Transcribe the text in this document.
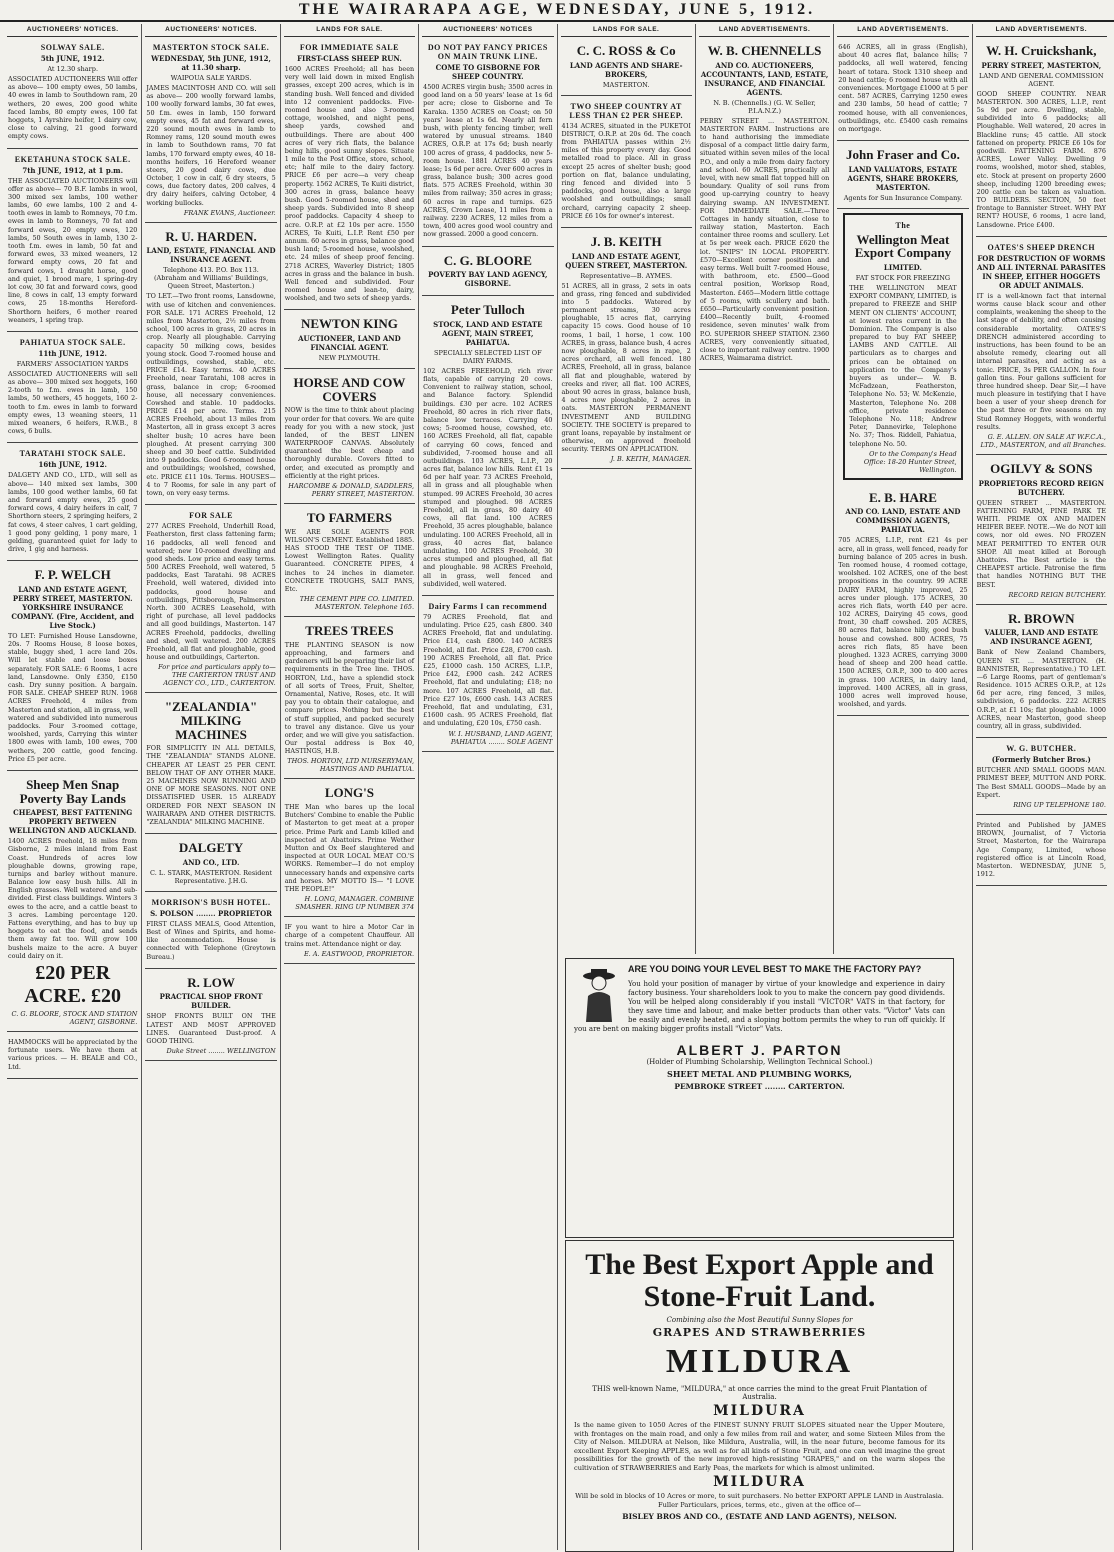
THE WAIRARAPA AGE, WEDNESDAY, JUNE 5, 1912.
AUCTIONEERS' NOTICES.
SOLWAY SALE.
5th JUNE, 1912.
At 12.30 sharp.

ASSOCIATED AUCTIONEERS Will offer as above— 100 empty ewes, 50 lambs, 40 ewes in lamb to Southdown ram, 20 wethers, 20 ewes, 200 good white faced lambs, 80 empty ewes, 100 fat hoggets, 1 Ayrshire heifer, 1 dairy cow, close to calving, 21 good forward empty cows.

EKETAHUNA STOCK SALE.
7th JUNE, 1912, at 1 p.m.

THE ASSOCIATED AUCTIONEERS will offer as above— 70 B.F. lambs in wool, 300 mixed sex lambs, 100 wether lambs, 60 ewe lambs, 100 2 and 4-tooth ewes in lamb to Romneys, 70 f.m. ewes in lamb to Romneys, 70 fat and forward ewes, 20 empty ewes, 120 lambs, 50 South ewes in lamb, 130 2-tooth f.m. ewes in lamb, 50 fat and forward ewes, 33 mixed weaners, 12 forward empty cows, 20 fat and forward cows, 1 draught horse, good and quiet, 1 brood mare, 1 spring-dry lot cow, 30 fat and forward cows, good line, 8 cows in calf, 13 empty forward cows, 25 18-months Hereford-Shorthorn heifers, 6 mother reared weaners, 1 spring trap.

PAHIATUA STOCK SALE.
11th JUNE, 1912.
FARMERS' ASSOCIATION YARDS

ASSOCIATED AUCTIONEERS will sell as above— 300 mixed sex hoggets, 160 2-tooth to f.m. ewes in lamb, 150 lambs, 50 wethers, 45 hoggets, 160 2-tooth to f.m. ewes in lamb to forward empty ewes, 13 weaning steers, 11 mixed weaners, 6 heifers, R.W.B., 8 cows, 6 bulls.

TARATAHI STOCK SALE.
16th JUNE, 1912.

DALGETY AND CO., LTD., will sell as above— 140 mixed sex lambs, 300 lambs, 100 good wether lambs, 60 fat and forward empty ewes, 25 good forward cows, 4 dairy heifers in calf, 7 Shorthorn steers, 2 springing heifers, 2 fat cows, 4 steer calves, 1 cart gelding, 1 good pony gelding, 1 pony mare, 1 gelding, guaranteed quiet for lady to drive, 1 gig and harness.

F. P. WELCH
LAND AND ESTATE AGENT, PERRY STREET, MASTERTON. YORKSHIRE INSURANCE COMPANY. (Fire, Accident, and Live Stock.)

TO LET: Furnished House Lansdowne, 20s. 7 Rooms House, 8 loose boxes, stable, buggy shed, 1 acre land 20s. Will let stable and loose boxes separately. FOR SALE: 6 Rooms, 1 acre land, Lansdowne. Only £350, £150 cash. Dry sunny position. A bargain. FOR SALE. CHEAP SHEEP RUN. 1968 ACRES Freehold, 4 miles from Masterton and station, all in grass, well watered and subdivided into numerous paddocks. Four 3-roomed cottage, woolshed, yards, Carrying this winter 1800 ewes with lamb, 100 ewes, 700 wethers, 200 cattle, good fencing. Price £5 per acre.

Sheep Men Snap Poverty Bay Lands
CHEAPEST, BEST FATTENING PROPERTY BETWEEN WELLINGTON AND AUCKLAND.

1400 ACRES freehold, 18 miles from Gisborne, 2 miles inland from East Coast. Hundreds of acres low ploughable downs, growing rape, turnips and barley without manure. Balance low easy bush hills. All in English grasses. Well watered and sub-divided. First class buildings. Winters 3 ewes to the acre, and a cattle beast to 3 acres. Lambing percentage 120. Fattens everything, and has to buy up hoggets to eat the food, and sends them away fat too. Will grow 100 bushels maize to the acre. A buyer could dairy on it.

£20 PER ACRE. £20
C. G. BLOORE, STOCK AND STATION AGENT, GISBORNE.

HAMMOCKS will be appreciated by the fortunate users. We have them at various prices. — H. BEALE and CO., Ltd.

AUCTIONEERS' NOTICES.
MASTERTON STOCK SALE.
WEDNESDAY, 5th JUNE, 1912, at 11.30 sharp.
WAIPOUA SALE YARDS.

JAMES MACINTOSH AND CO. will sell as above— 200 woolly forward lambs, 100 woolly forward lambs, 30 fat ewes, 50 f.m. ewes in lamb, 150 forward empty ewes, 45 fat and forward ewes, 220 sound mouth ewes in lamb to Romney rams, 120 sound mouth ewes in lamb to Southdown rams, 70 fat lambs, 170 forward empty ewes, 40 18-months heifers, 16 Hereford weaner steers, 20 good dairy cows, due October, 1 cow in calf, 6 dry steers, 5 cows, due factory dates, 200 calves, 4 dry dairy heifers, calving October, 4 working bullocks.

FRANK EVANS, Auctioneer.
R. U. HARDEN.
LAND, ESTATE, FINANCIAL AND INSURANCE AGENT.
Telephone 413. P.O. Box 113. (Abraham and Williams' Buildings, Queen Street, Masterton.)

TO LET.—Two front rooms, Lansdowne, with use of kitchen and conveniences. FOR SALE. 171 ACRES Freehold, 12 miles from Masterton, 2½ miles from school, 100 acres in grass, 20 acres in crop. Nearly all ploughable. Carrying capacity 50 milking cows, besides young stock. Good 7-roomed house and outbuildings, cowshed, stable, etc. PRICE £14. Easy terms. 40 ACRES Freehold, near Taratahi, 108 acres in grass, balance in crop; 6-roomed house, all necessary conveniences. Cowshed and stable. 10 paddocks. PRICE £14 per acre. Terms. 215 ACRES Freehold, about 13 miles from Masterton, all in grass except 3 acres shelter bush; 10 acres have been ploughed. At present carrying 300 sheep and 30 beef cattle. Subdivided into 9 paddocks. Good 6-roomed house and outbuildings; woolshed, cowshed, etc. PRICE £11 10s. Terms. HOUSES—4 to 7 Rooms, for sale in any part of town, on very easy terms.

FOR SALE

277 ACRES Freehold, Underhill Road, Featherston, first class fattening farm; 16 paddocks, all well fenced and watered; new 10-roomed dwelling and good sheds. Low price and easy terms. 500 ACRES Freehold, well watered, 5 paddocks, East Taratahi. 98 ACRES Freehold, well watered, divided into paddocks, good house and outbuildings, Pittsborough, Palmerston North. 300 ACRES Leasehold, with right of purchase, all level paddocks and all good buildings, Masterton. 147 ACRES Freehold, paddocks, dwelling and shed, well watered. 200 ACRES Freehold, all flat and ploughable, good house and outbuildings, Carterton.

For price and particulars apply to— THE CARTERTON TRUST AND AGENCY CO., LTD., CARTERTON.
"ZEALANDIA" MILKING MACHINES

FOR SIMPLICITY IN ALL DETAILS, THE "ZEALANDIA" STANDS ALONE. CHEAPER AT LEAST 25 PER CENT. BELOW THAT OF ANY OTHER MAKE. 25 MACHINES NOW RUNNING AND ONE OF MORE SEASONS. NOT ONE DISSATISFIED USER. 15 ALREADY ORDERED FOR NEXT SEASON IN WAIRARAPA AND OTHER DISTRICTS. "ZEALANDIA" MILKING MACHINE.

DALGETY
AND CO., LTD.
C. L. STARK, MASTERTON. Resident Representative. J.H.G.
MORRISON'S BUSH HOTEL.
S. POLSON ........ PROPRIETOR

FIRST CLASS MEALS, Good Attention, Best of Wines and Spirits, and home-like accommodation. House is connected with Telephone (Greytown Bureau.)

R. LOW
PRACTICAL SHOP FRONT BUILDER.

SHOP FRONTS BUILT ON THE LATEST AND MOST APPROVED LINES. Guaranteed Dust-proof. A GOOD THING.

Duke Street ........ WELLINGTON
LANDS FOR SALE.
FOR IMMEDIATE SALE
FIRST-CLASS SHEEP RUN.

1600 ACRES Freehold; all has been very well laid down in mixed English grasses, except 200 acres, which is in standing bush. Well fenced and divided into 12 convenient paddocks. Five-roomed house and also 3-roomed cottage, woolshed, and night pens, sheep yards, cowshed and outbuildings. There are about 400 acres of very rich flats, the balance being hills, good sunny slopes. Situate 1 mile to the Post Office, store, school, etc; half mile to the dairy factory. PRICE £6 per acre—a very cheap property. 1562 ACRES, Te Kuiti district, 300 acres in grass, balance heavy bush. Good 5-roomed house, shed and sheep yards. Subdivided into 8 sheep proof paddocks. Capacity 4 sheep to acre. O.R.P. at £2 10s per acre. 1550 ACRES, Te Kuiti, L.I.P. Rent £50 per annum. 60 acres in grass, balance good bush land; 5-roomed house, woolshed, etc. 24 miles of sheep proof fencing. 2718 ACRES, Waverley District; 1805 acres in grass and the balance in bush. Well fenced and subdivided. Four roomed house and lean-to, dairy, woolshed, and two sets of sheep yards.

NEWTON KING
AUCTIONEER, LAND AND FINANCIAL AGENT.
NEW PLYMOUTH.
HORSE AND COW COVERS

NOW is the time to think about placing your order for that covers. We are quite ready for you with a new stock, just landed, of the BEST LINEN WATERPROOF CANVAS. Absolutely guaranteed the best cheap and thoroughly durable. Covers fitted to order, and executed as promptly and efficiently at the right prices.

HARCOMBE & DONALD, SADDLERS, PERRY STREET, MASTERTON.
TO FARMERS

WE ARE SOLE AGENTS FOR WILSON'S CEMENT. Established 1885. HAS STOOD THE TEST OF TIME. Lowest Wellington Rates. Quality Guaranteed. CONCRETE PIPES, 4 inches to 24 inches in diameter. CONCRETE TROUGHS, SALT PANS, Etc.

THE CEMENT PIPE CO. LIMITED. MASTERTON. Telephone 165.
TREES TREES

THE PLANTING SEASON is now approaching, and farmers and gardeners will be preparing their list of requirements in the Tree line. THOS. HORTON, Ltd., have a splendid stock of all sorts of Trees, Fruit, Shelter, Ornamental, Native, Roses, etc. It will pay you to obtain their catalogue, and compare prices. Nothing but the best of stuff supplied, and packed securely to travel any distance. Give us your order, and we will give you satisfaction. Our postal address is Box 40, HASTINGS, H.B.

THOS. HORTON, LTD NURSERYMAN, HASTINGS AND PAHIATUA.
LONG'S

THE Man who bares up the local Butchers' Combine to enable the Public of Masterton to get meat at a proper price. Prime Park and Lamb killed and inspected at Abattoirs. Prime Wether Mutton and Ox Beef slaughtered and inspected at OUR LOCAL MEAT CO.'S WORKS. Remember—I do not employ unnecessary hands and expensive carts and horses. MY MOTTO IS— "I LOVE THE PEOPLE!"

H. LONG, MANAGER. COMBINE SMASHER. RING UP NUMBER 374

IF you want to hire a Motor Car in charge of a competent Chauffeur. All trains met. Attendance night or day.

E. A. EASTWOOD, PROPRIETOR.
AUCTIONEERS' NOTICES
DO NOT PAY FANCY PRICES ON MAIN TRUNK LINE.
COME TO GISBORNE FOR SHEEP COUNTRY.

4500 ACRES virgin bush; 3500 acres in good land on a 50 years' lease at 1s 6d per acre; close to Gisborne and Te Karaka. 1350 ACRES on Coast; on 50 years' lease at 1s 6d. Nearly all fern bush, with plenty fencing timber, well watered by unusual streams. 1840 ACRES, O.R.P. at 17s 6d; bush nearly 100 acres of grass, 4 paddocks, new 5-room house. 1881 ACRES 40 years lease; 1s 6d per acre. Over 600 acres in grass, balance bush; 300 acres good flats. 575 ACRES Freehold, within 30 miles from railway; 350 acres in grass; 60 acres in rape and turnips. 625 ACRES, Crown Lease, 11 miles from a railway. 2230 ACRES, 12 miles from a town, 400 acres good wool country and now grassed. 2000 a good concern.

C. G. BLOORE
POVERTY BAY LAND AGENCY, GISBORNE.
Peter Tulloch
STOCK, LAND AND ESTATE AGENT, MAIN STREET, PAHIATUA.
SPECIALLY SELECTED LIST OF DAIRY FARMS.

102 ACRES FREEHOLD, rich river flats, capable of carrying 20 cows. Convenient to railway station, school, and Balance factory. Splendid buildings. £30 per acre. 102 ACRES Freehold, 80 acres in rich river flats, balance low terraces. Carrying 40 cows; 5-roomed house, cowshed, etc. 160 ACRES Freehold, all flat, capable of carrying 60 cows, fenced and subdivided, 7-roomed house and all outbuildings. 103 ACRES, L.I.P., 20 acres flat, balance low hills. Rent £1 1s 6d per half year. 73 ACRES Freehold, all in grass and all ploughable when stumped. 99 ACRES Freehold, 30 acres stumped and ploughed. 98 ACRES Freehold, all in grass, 80 dairy 40 cows, all flat land. 100 ACRES Freehold, 35 acres ploughable, balance undulating. 100 ACRES Freehold, all in grass, 40 acres flat, balance undulating. 100 ACRES Freehold, 30 acres stumped and ploughed, all flat and ploughable. 98 ACRES Freehold, all in grass, well fenced and subdivided, well watered.

Dairy Farms I can recommend

79 ACRES Freehold, flat and undulating. Price £25, cash £800. 340 ACRES Freehold, flat and undulating. Price £14, cash £800. 140 ACRES Freehold, all flat. Price £28, £700 cash. 190 ACRES Freehold, all flat. Price £25, £1000 cash. 150 ACRES, L.I.P., Price £42, £900 cash. 242 ACRES Freehold, flat and undulating; £18; no more. 107 ACRES Freehold, all flat. Price £27 10s, £600 cash. 143 ACRES Freehold, flat and undulating, £31, £1600 cash. 95 ACRES Freehold, flat and undulating, £20 10s, £750 cash.

W. I. HUSBAND, LAND AGENT, PAHIATUA ........ SOLE AGENT
LANDS FOR SALE.
C. C. ROSS & Co
LAND AGENTS AND SHARE-BROKERS,
MASTERTON.
TWO SHEEP COUNTRY AT LESS THAN £2 PER SHEEP.

4134 ACRES, situated in the PUKETOI DISTRICT, O.R.P. at 20s 6d. The coach from PAHIATUA passes within 2½ miles of this property every day. Good metalled road to place. All in grass except 25 acres of shelter bush; good portion on flat, balance undulating, ring fenced and divided into 5 paddocks, good house, also a large woolshed and outbuildings; small orchard, carrying capacity 2 sheep. PRICE £6 10s for owner's interest.

J. B. KEITH
LAND AND ESTATE AGENT, QUEEN STREET, MASTERTON.
Representative—B. AYMES.

51 ACRES, all in grass, 2 sets in oats and grass, ring fenced and subdivided into 5 paddocks. Watered by permanent streams, 30 acres ploughable, 15 acres flat, carrying capacity 15 cows. Good house of 10 rooms, 1 bail, 1 horse, 1 cow. 100 ACRES, in grass, balance bush, 4 acres now ploughable, 8 acres in rape, 2 acres orchard, all well fenced. 180 ACRES, Freehold, all in grass, balance all flat and ploughable, watered by creeks and river, all flat. 100 ACRES, about 90 acres in grass, balance bush, 4 acres now ploughable, 2 acres in oats. MASTERTON PERMANENT INVESTMENT AND BUILDING SOCIETY. THE SOCIETY is prepared to grant loans, repayable by instalment or otherwise, on approved freehold security. TERMS ON APPLICATION.

J. B. KEITH, MANAGER.
LAND ADVERTISEMENTS.
W. B. CHENNELLS
AND CO. AUCTIONEERS, ACCOUNTANTS, LAND, ESTATE, INSURANCE, AND FINANCIAL AGENTS.
N. B. (Chennells.) (G. W. Seller, P.I.A.N.Z.)

PERRY STREET ... MASTERTON. MASTERTON FARM. Instructions are to hand authorising the immediate disposal of a compact little dairy farm, situated within seven miles of the local P.O., and only a mile from dairy factory and school. 60 ACRES, practically all level, with new small flat topped hill on boundary. Quality of soil runs from good up-carrying country to heavy dairying swamp. AN INVESTMENT. FOR IMMEDIATE SALE.—Three Cottages in handy situation, close to railway station, Masterton. Each container three rooms and scullery. Let at 5s per week each. PRICE £620 the lot. "SNIPS" IN LOCAL PROPERTY. £570—Excellent corner position and easy terms. Well built 7-roomed House, with bathroom, etc. £500—Good central position, Worksop Road, Masterton. £465—Modern little cottage of 5 rooms, with scullery and bath. £650—Particularly convenient position. £400—Recently built, 4-roomed residence, seven minutes' walk from P.O. SUPERIOR SHEEP STATION. 2360 ACRES, very conveniently situated, close to important railway centre. 1900 ACRES, Waimarama district.

LAND ADVERTISEMENTS.

646 ACRES, all in grass (English), about 40 acres flat, balance hills; 7 paddocks, all well watered, fencing heart of totara. Stock 1310 sheep and 20 head cattle; 6 roomed house with all conveniences. Mortgage £1000 at 5 per cent. 587 ACRES, Carrying 1250 ewes and 230 lambs, 50 head of cattle; 7 roomed house, with all conveniences, outbuildings, etc. £5400 cash remains on mortgage.

John Fraser and Co.
LAND VALUATORS, ESTATE AGENTS, SHARE BROKERS, MASTERTON.
Agents for Sun Insurance Company.
The
Wellington Meat Export Company
LIMITED.
FAT STOCK FOR FREEZING

THE WELLINGTON MEAT EXPORT COMPANY, LIMITED, is prepared to FREEZE and SHIP MENT ON CLIENTS' ACCOUNT, at lowest rates current in the Dominion. The Company is also prepared to buy FAT SHEEP, LAMBS AND CATTLE. All particulars as to charges and prices can be obtained on application to the Company's buyers as under— W. B. McFadzean, Featherston, Telephone No. 53; W. McKenzie, Masterton, Telephone No. 208 office, private residence Telephone No. 118; Andrew Peter, Dannevirke, Telephone No. 37; Thos. Riddell, Pahiatua, telephone No. 50.

Or to the Company's Head Office: 18-20 Hunter Street, Wellington.
E. B. HARE
AND CO. LAND, ESTATE AND COMMISSION AGENTS, PAHIATUA.

705 ACRES, L.I.P., rent £21 4s per acre, all in grass, well fenced, ready for burning balance of 205 acres in bush. Ten roomed house, 4 roomed cottage, woolshed. 102 ACRES, one of the best propositions in the country. 99 ACRE DAIRY FARM, highly improved, 25 acres under plough. 175 ACRES, 30 acres rich flats, worth £40 per acre. 102 ACRES, Dairying 45 cows, good front, 30 chaff cowshed. 205 ACRES, 80 acres flat, balance hilly, good bush house and cowshed. 800 ACRES, 75 acres rich flats, 85 have been ploughed. 1323 ACRES, carrying 3000 head of sheep and 200 head cattle. 1500 ACRES, O.R.P., 300 to 400 acres in grass. 100 ACRES, in dairy land, improved. 1400 ACRES, all in grass, 1000 acres well improved house, woolshed, and yards.

LAND ADVERTISEMENTS.
W. H. Cruickshank,
PERRY STREET, MASTERTON,
LAND AND GENERAL COMMISSION AGENT.

GOOD SHEEP COUNTRY. NEAR MASTERTON. 300 ACRES, L.I.P., rent 5s 9d per acre. Dwelling, stable, subdivided into 6 paddocks; all Ploughable. Well watered, 20 acres in Blackline runs; 45 cattle. All stock fattened on property. PRICE £6 10s for goodwill. FATTENING FARM. 876 ACRES, Lower Valley. Dwelling 9 rooms, woolshed, motor shed, stables, etc. Stock at present on property 2600 sheep, including 1200 breeding ewes; 200 cattle can be taken as valuation. TO BUILDERS. SECTION, 50 feet frontage to Bannister Street. WHY PAY RENT? HOUSE, 6 rooms, 1 acre land, Lansdowne. Price £400.

OATES'S SHEEP DRENCH
FOR DESTRUCTION OF WORMS AND ALL INTERNAL PARASITES IN SHEEP, EITHER HOGGETS OR ADULT ANIMALS.

IT is a well-known fact that internal worms cause black scour and other complaints, weakening the sheep to the last stage of debility, and often causing considerable mortality. OATES'S DRENCH administered according to instructions, has been found to be an absolute remedy, clearing out all internal parasites, and acting as a tonic. PRICE, 3s PER GALLON. In four gallon tins. Four gallons sufficient for three hundred sheep. Dear Sir,—I have much pleasure in testifying that I have been a user of your sheep drench for the past three or five seasons on my Stud Romney Hoggets, with wonderful results.

G. E. ALLEN. ON SALE AT W.F.C.A., LTD., MASTERTON, and all Branches.
OGILVY & SONS
PROPRIETORS RECORD REIGN BUTCHERY.

QUEEN STREET ... MASTERTON. FATTENING FARM, PINE PARK TE WHITI. PRIME OX AND MAIDEN HEIFER BEEF. NOTE.—We do NOT kill cows, nor old ewes. NO FROZEN MEAT PERMITTED TO ENTER OUR SHOP. All meat killed at Borough Abattoirs. The Best article is the CHEAPEST article. Patronise the firm that handles NOTHING BUT THE BEST.

RECORD REIGN BUTCHERY.
R. BROWN
VALUER, LAND AND ESTATE AND INSURANCE AGENT,

Bank of New Zealand Chambers, QUEEN ST. ... MASTERTON. (H. BANNISTER, Representative.) TO LET.—6 Large Rooms, part of gentleman's Residence. 1015 ACRES O.R.P., at 12s 6d per acre, ring fenced, 3 miles, subdivision, 6 paddocks. 222 ACRES O.R.P., at £1 10s; flat ploughable. 1000 ACRES, near Masterton, good sheep country, all in grass, subdivided.

W. G. BUTCHER.
(Formerly Butcher Bros.)

BUTCHER AND SMALL GOODS MAN. PRIMEST BEEF, MUTTON AND PORK. The Best SMALL GOODS—Made by an Expert.

RING UP TELEPHONE 180.

Printed and Published by JAMES BROWN, Journalist, of 7 Victoria Street, Masterton, for the Wairarapa Age Company, Limited, whose registered office is at Lincoln Road, Masterton. WEDNESDAY, JUNE 5, 1912.

ARE YOU DOING YOUR LEVEL BEST TO MAKE THE FACTORY PAY?

You hold your position of manager by virtue of your knowledge and experience in dairy factory business. Your shareholders look to you to make the concern pay good dividends. You will be helped along considerably if you install "VICTOR" VATS in that factory, for they save time and labour, and make better products than other vats. "Victor" Vats can be easily and evenly heated, and a sloping bottom permits the whey to run off quickly. If you are bent on making bigger profits install "Victor" Vats.

ALBERT J. PARTON
(Holder of Plumbing Scholarship, Wellington Technical School.)
SHEET METAL AND PLUMBING WORKS,
PEMBROKE STREET ........ CARTERTON.
The Best Export Apple and Stone-Fruit Land.
Combining also the Most Beautiful Sunny Slopes for
GRAPES AND STRAWBERRIES
MILDURA

THIS well-known Name, "MILDURA," at once carries the mind to the great Fruit Plantation of Australia.

MILDURA

Is the name given to 1050 Acres of the FINEST SUNNY FRUIT SLOPES situated near the Upper Moutere, with frontages on the main road, and only a few miles from rail and water, and some Sixteen Miles from the City of Nelson. MILDURA at Nelson, like Mildura, Australia, will, in the near future, become famous for its excellent Export Keeping APPLES, as well as for all kinds of Stone Fruit, and one can well imagine the great possibilities for the growth of the new improved high-resisting "GRAPES," and on the warm slopes the cultivation of STRAWBERRIES and Early Peas, the markets for which is almost unlimited.

MILDURA

Will be sold in blocks of 10 Acres or more, to suit purchasers. No better EXPORT APPLE LAND in Australasia. Fuller Particulars, prices, terms, etc., given at the office of—

BISLEY BROS AND CO., (ESTATE AND LAND AGENTS), NELSON.
